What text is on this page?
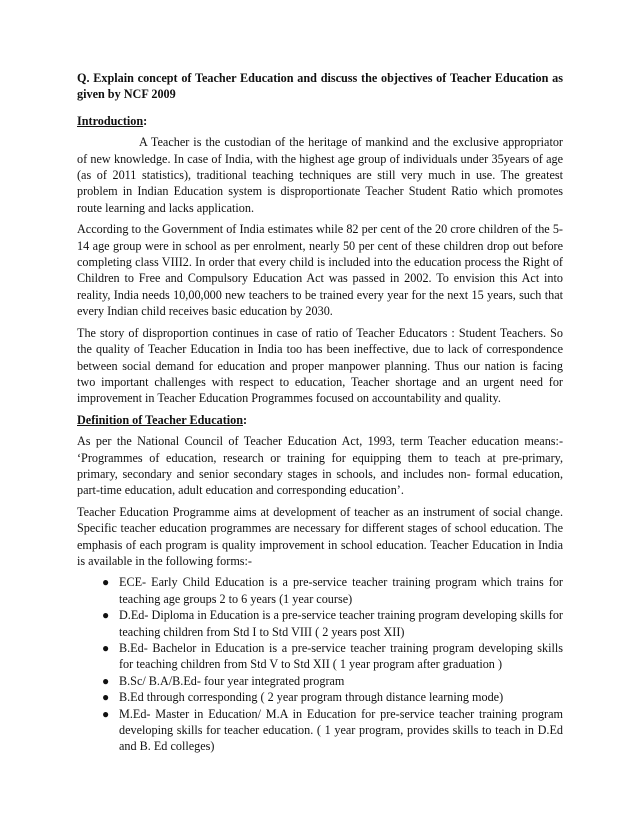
Q. Explain concept of Teacher Education and discuss the objectives of Teacher Education as given by NCF 2009

Introduction:

A Teacher is the custodian of the heritage of mankind and the exclusive appropriator of new knowledge. In case of India, with the highest age group of individuals under 35years of age (as of 2011 statistics), traditional teaching techniques are still very much in use. The greatest problem in Indian Education system is disproportionate Teacher Student Ratio which promotes route learning and lacks application.

According to the Government of India estimates while 82 per cent of the 20 crore children of the 5-14 age group were in school as per enrolment, nearly 50 per cent of these children drop out before completing class VIII2. In order that every child is included into the education process the Right of Children to Free and Compulsory Education Act was passed in 2002. To envision this Act into reality, India needs 10,00,000 new teachers to be trained every year for the next 15 years, such that every Indian child receives basic education by 2030.

The story of disproportion continues in case of ratio of Teacher Educators : Student Teachers. So the quality of Teacher Education in India too has been ineffective, due to lack of correspondence between social demand for education and proper manpower planning. Thus our nation is facing two important challenges with respect to education, Teacher shortage and an urgent need for improvement in Teacher Education Programmes focused on accountability and quality.

Definition of Teacher Education:

As per the National Council of Teacher Education Act, 1993, term Teacher education means:- ‘Programmes of education, research or training for equipping them to teach at pre-primary, primary, secondary and senior secondary stages in schools, and includes non- formal education, part-time education, adult education and corresponding education’.

Teacher Education Programme aims at development of teacher as an instrument of social change. Specific teacher education programmes are necessary for different stages of school education. The emphasis of each program is quality improvement in school education. Teacher Education in India is available in the following forms:-

● ECE- Early Child Education is a pre-service teacher training program which trains for teaching age groups 2 to 6 years (1 year course)
● D.Ed- Diploma in Education is a pre-service teacher training program developing skills for teaching children from Std I to Std VIII ( 2 years post XII)
● B.Ed- Bachelor in Education is a pre-service teacher training program developing skills for teaching children from Std V to Std XII ( 1 year program after graduation )
● B.Sc/ B.A/B.Ed- four year integrated program
● B.Ed through corresponding ( 2 year program through distance learning mode)
● M.Ed- Master in Education/ M.A in Education for pre-service teacher training program developing skills for teacher education. ( 1 year program, provides skills to teach in D.Ed and B. Ed colleges)
